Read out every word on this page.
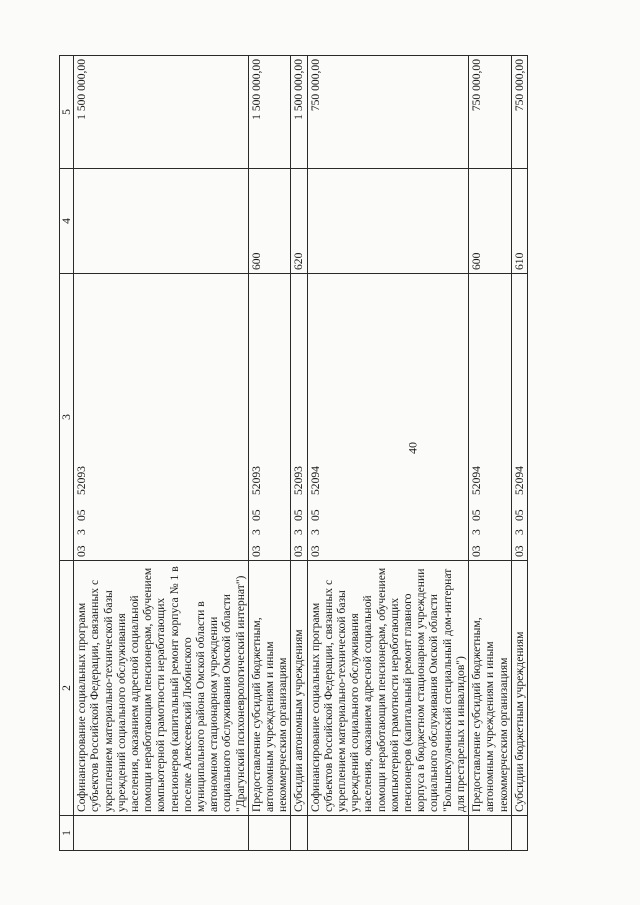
40
1	2	3	4	5
	Софинансирование социальных программ субъектов Российской Федерации, связанных с укреплением материально-технической базы учреждений социального обслуживания населения, оказанием адресной социальной помощи неработающим пенсионерам, обучением компьютерной грамотности неработающих пенсионеров (капитальный ремонт корпуса № 1 в поселке Алексеевский Любинского муниципального района Омской области в автономном стационарном учреждении социального обслуживания Омской области "Драгунский психоневрологический интернат")	0330552093		1 500 000,00
	Предоставление субсидий бюджетным, автономным учреждениям и иным некоммерческим организациям	0330552093	600	1 500 000,00
	Субсидии автономным учреждениям	0330552093	620	1 500 000,00
	Софинансирование социальных программ субъектов Российской Федерации, связанных с укреплением материально-технической базы учреждений социального обслуживания населения, оказанием адресной социальной помощи неработающим пенсионерам, обучением компьютерной грамотности неработающих пенсионеров (капитальный ремонт главного корпуса в бюджетном стационарном учреждении социального обслуживания Омской области "Большекулачинский специальный дом-интернат для престарелых и инвалидов")	0330552094		750 000,00
	Предоставление субсидий бюджетным, автономным учреждениям и иным некоммерческим организациям	0330552094	600	750 000,00
	Субсидии бюджетным учреждениям	0330552094	610	750 000,00
